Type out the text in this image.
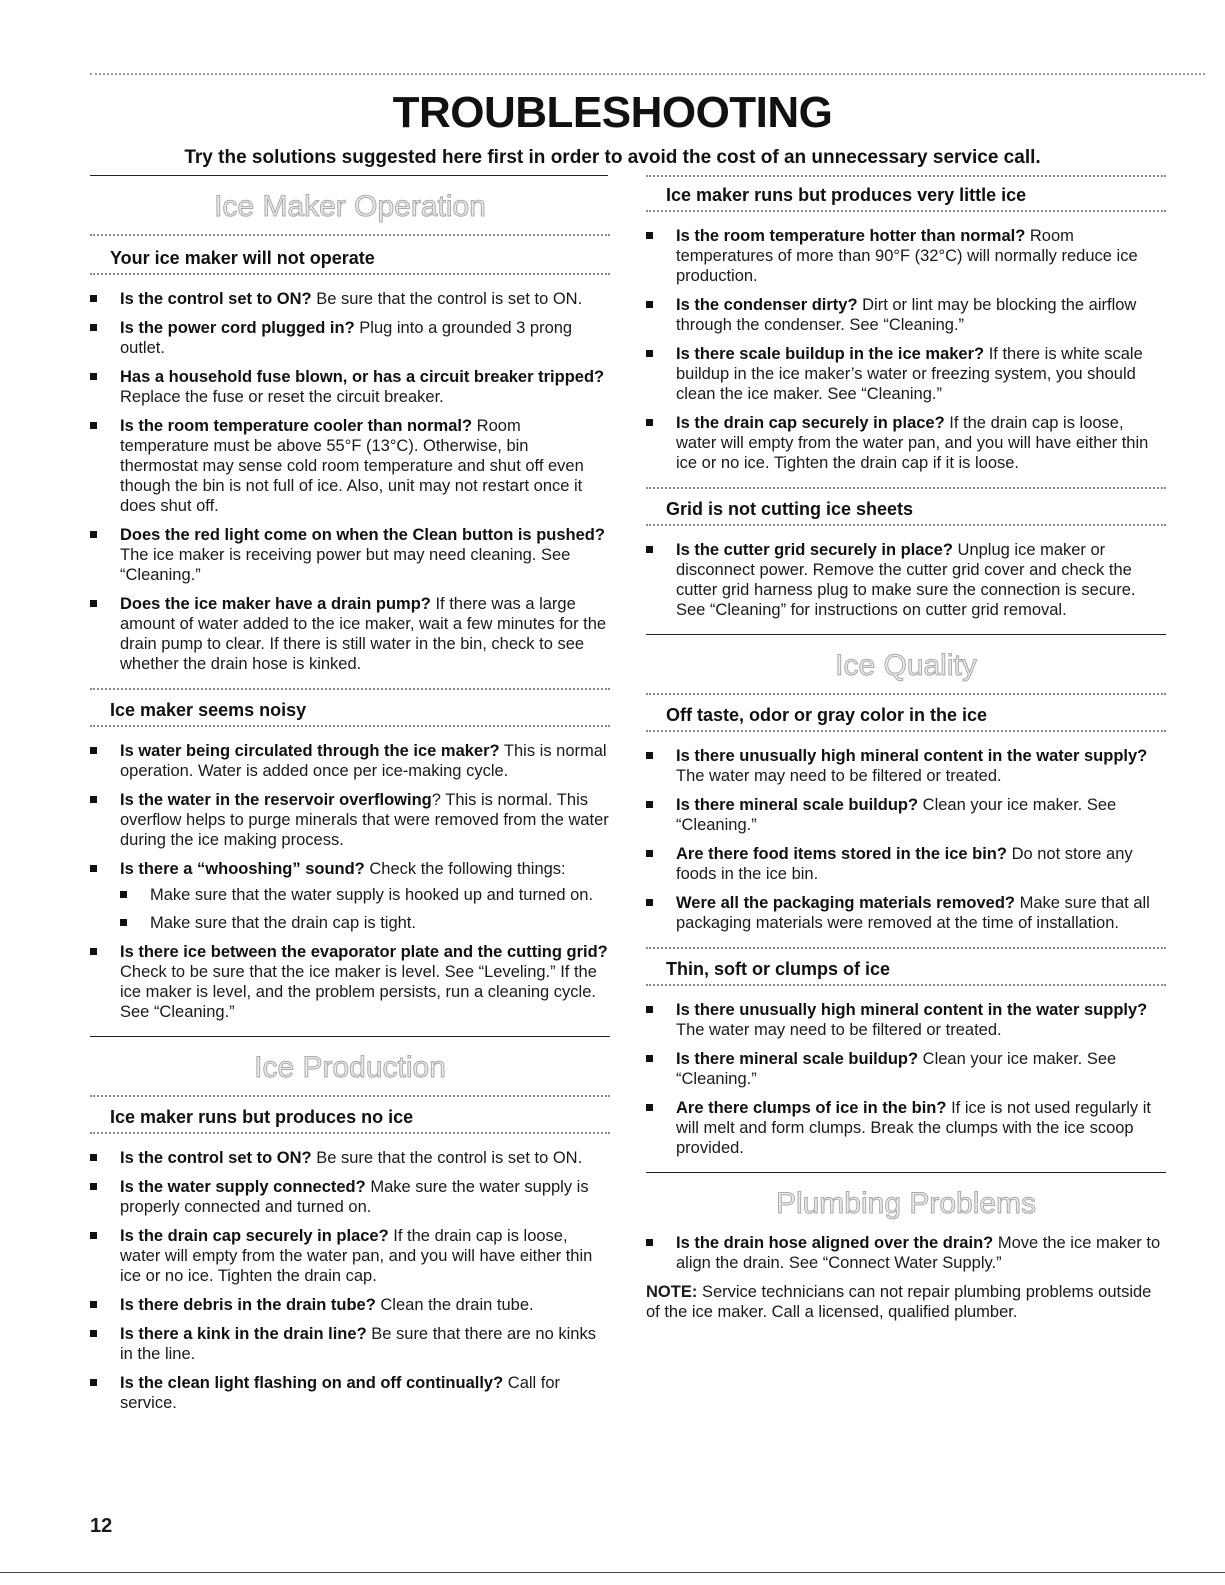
TROUBLESHOOTING
Try the solutions suggested here first in order to avoid the cost of an unnecessary service call.
Ice Maker Operation
Your ice maker will not operate
Is the control set to ON? Be sure that the control is set to ON.
Is the power cord plugged in? Plug into a grounded 3 prong outlet.
Has a household fuse blown, or has a circuit breaker tripped? Replace the fuse or reset the circuit breaker.
Is the room temperature cooler than normal? Room temperature must be above 55°F (13°C). Otherwise, bin thermostat may sense cold room temperature and shut off even though the bin is not full of ice. Also, unit may not restart once it does shut off.
Does the red light come on when the Clean button is pushed? The ice maker is receiving power but may need cleaning. See “Cleaning.”
Does the ice maker have a drain pump? If there was a large amount of water added to the ice maker, wait a few minutes for the drain pump to clear. If there is still water in the bin, check to see whether the drain hose is kinked.
Ice maker seems noisy
Is water being circulated through the ice maker? This is normal operation. Water is added once per ice-making cycle.
Is the water in the reservoir overflowing? This is normal. This overflow helps to purge minerals that were removed from the water during the ice making process.
Is there a “whooshing” sound? Check the following things:
Make sure that the water supply is hooked up and turned on.
Make sure that the drain cap is tight.
Is there ice between the evaporator plate and the cutting grid? Check to be sure that the ice maker is level. See “Leveling.” If the ice maker is level, and the problem persists, run a cleaning cycle. See “Cleaning.”
Ice Production
Ice maker runs but produces no ice
Is the control set to ON? Be sure that the control is set to ON.
Is the water supply connected? Make sure the water supply is properly connected and turned on.
Is the drain cap securely in place? If the drain cap is loose, water will empty from the water pan, and you will have either thin ice or no ice. Tighten the drain cap.
Is there debris in the drain tube? Clean the drain tube.
Is there a kink in the drain line? Be sure that there are no kinks in the line.
Is the clean light flashing on and off continually? Call for service.
Ice maker runs but produces very little ice
Is the room temperature hotter than normal? Room temperatures of more than 90°F (32°C) will normally reduce ice production.
Is the condenser dirty? Dirt or lint may be blocking the airflow through the condenser. See “Cleaning.”
Is there scale buildup in the ice maker? If there is white scale buildup in the ice maker’s water or freezing system, you should clean the ice maker. See “Cleaning.”
Is the drain cap securely in place? If the drain cap is loose, water will empty from the water pan, and you will have either thin ice or no ice. Tighten the drain cap if it is loose.
Grid is not cutting ice sheets
Is the cutter grid securely in place? Unplug ice maker or disconnect power. Remove the cutter grid cover and check the cutter grid harness plug to make sure the connection is secure. See “Cleaning” for instructions on cutter grid removal.
Ice Quality
Off taste, odor or gray color in the ice
Is there unusually high mineral content in the water supply? The water may need to be filtered or treated.
Is there mineral scale buildup? Clean your ice maker. See “Cleaning.”
Are there food items stored in the ice bin? Do not store any foods in the ice bin.
Were all the packaging materials removed? Make sure that all packaging materials were removed at the time of installation.
Thin, soft or clumps of ice
Is there unusually high mineral content in the water supply? The water may need to be filtered or treated.
Is there mineral scale buildup? Clean your ice maker. See “Cleaning.”
Are there clumps of ice in the bin? If ice is not used regularly it will melt and form clumps. Break the clumps with the ice scoop provided.
Plumbing Problems
Is the drain hose aligned over the drain? Move the ice maker to align the drain. See “Connect Water Supply.”
NOTE: Service technicians can not repair plumbing problems outside of the ice maker. Call a licensed, qualified plumber.
12
